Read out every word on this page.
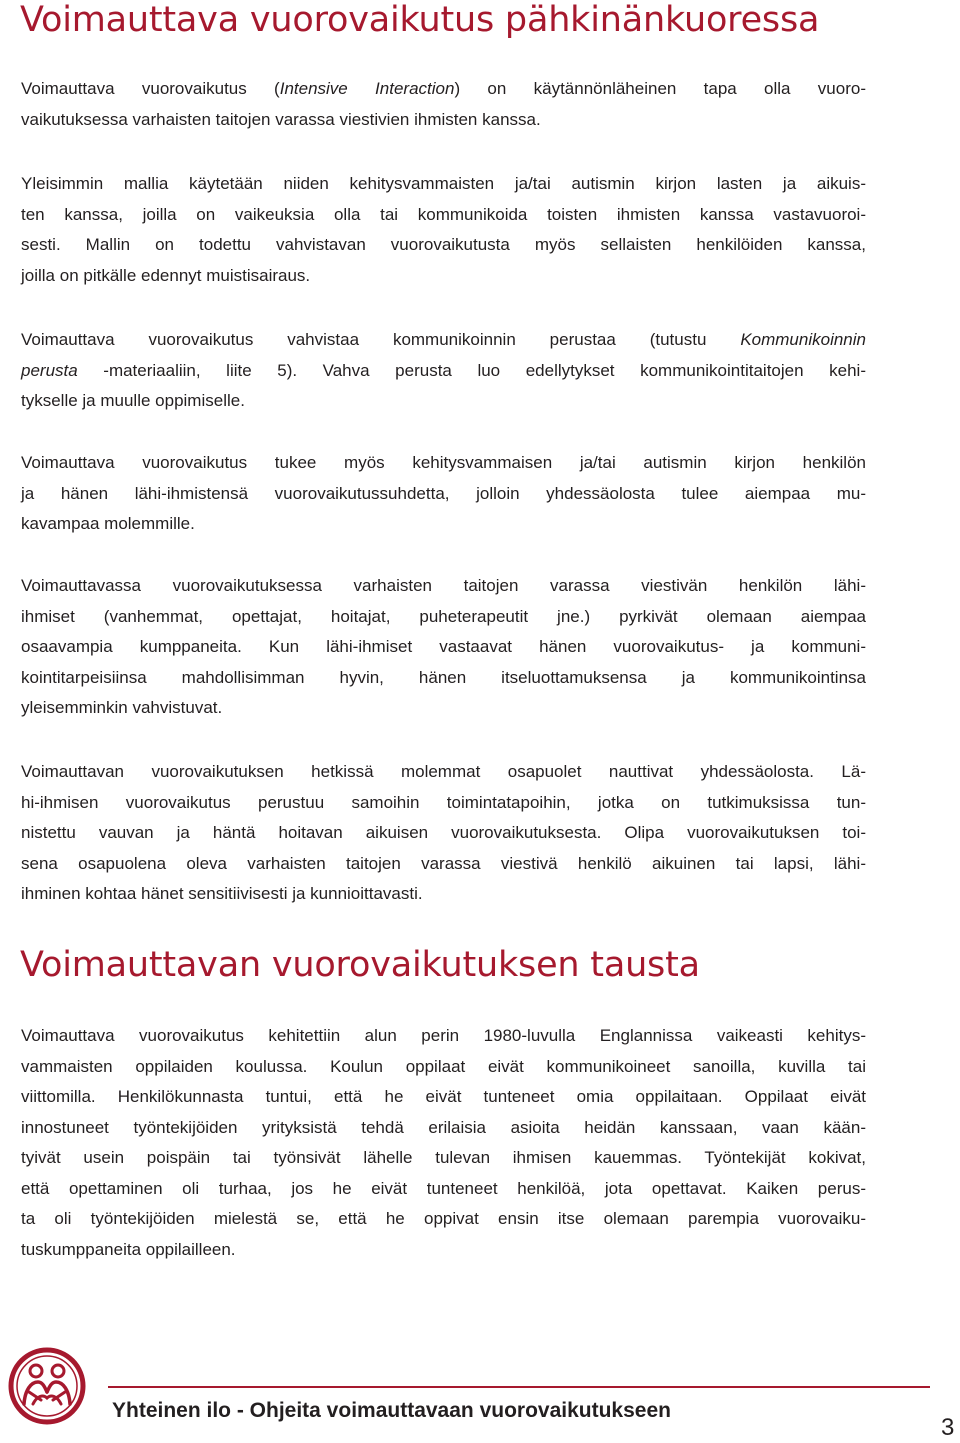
Voimauttava vuorovaikutus pähkinänkuoressa

Voimauttava vuorovaikutus (Intensive Interaction) on käytännönläheinen tapa olla vuoro-
vaikutuksessa varhaisten taitojen varassa viestivien ihmisten kanssa.

Yleisimmin mallia käytetään niiden kehitysvammaisten ja/tai autismin kirjon lasten ja aikuis-
ten kanssa, joilla on vaikeuksia olla tai kommunikoida toisten ihmisten kanssa vastavuoroi-
sesti. Mallin on todettu vahvistavan vuorovaikutusta myös sellaisten henkilöiden kanssa,
joilla on pitkälle edennyt muistisairaus.

Voimauttava vuorovaikutus vahvistaa kommunikoinnin perustaa (tutustu Kommunikoinnin
perusta -materiaaliin, liite 5). Vahva perusta luo edellytykset kommunikointitaitojen kehi-
tykselle ja muulle oppimiselle.

Voimauttava vuorovaikutus tukee myös kehitysvammaisen ja/tai autismin kirjon henkilön
ja hänen lähi-ihmistensä vuorovaikutussuhdetta, jolloin yhdessäolosta tulee aiempaa mu-
kavampaa molemmille.

Voimauttavassa vuorovaikutuksessa varhaisten taitojen varassa viestivän henkilön lähi-
ihmiset (vanhemmat, opettajat, hoitajat, puheterapeutit jne.) pyrkivät olemaan aiempaa
osaavampia kumppaneita. Kun lähi-ihmiset vastaavat hänen vuorovaikutus- ja kommuni-
kointitarpeisiinsa mahdollisimman hyvin, hänen itseluottamuksensa ja kommunikointinsa
yleisemminkin vahvistuvat.

Voimauttavan vuorovaikutuksen hetkissä molemmat osapuolet nauttivat yhdessäolosta. Lä-
hi-ihmisen vuorovaikutus perustuu samoihin toimintatapoihin, jotka on tutkimuksissa tun-
nistettu vauvan ja häntä hoitavan aikuisen vuorovaikutuksesta. Olipa vuorovaikutuksen toi-
sena osapuolena oleva varhaisten taitojen varassa viestivä henkilö aikuinen tai lapsi, lähi-
ihminen kohtaa hänet sensitiivisesti ja kunnioittavasti.

Voimauttavan vuorovaikutuksen tausta

Voimauttava vuorovaikutus kehitettiin alun perin 1980-luvulla Englannissa vaikeasti kehitys-
vammaisten oppilaiden koulussa. Koulun oppilaat eivät kommunikoineet sanoilla, kuvilla tai
viittomilla. Henkilökunnasta tuntui, että he eivät tunteneet omia oppilaitaan. Oppilaat eivät
innostuneet työntekijöiden yrityksistä tehdä erilaisia asioita heidän kanssaan, vaan kään-
tyivät usein poispäin tai työnsivät lähelle tulevan ihmisen kauemmas. Työntekijät kokivat,
että opettaminen oli turhaa, jos he eivät tunteneet henkilöä, jota opettavat. Kaiken perus-
ta oli työntekijöiden mielestä se, että he oppivat ensin itse olemaan parempia vuorovaiku-
tuskumppaneita oppilailleen.

Yhteinen ilo - Ohjeita voimauttavaan vuorovaikutukseen

3
